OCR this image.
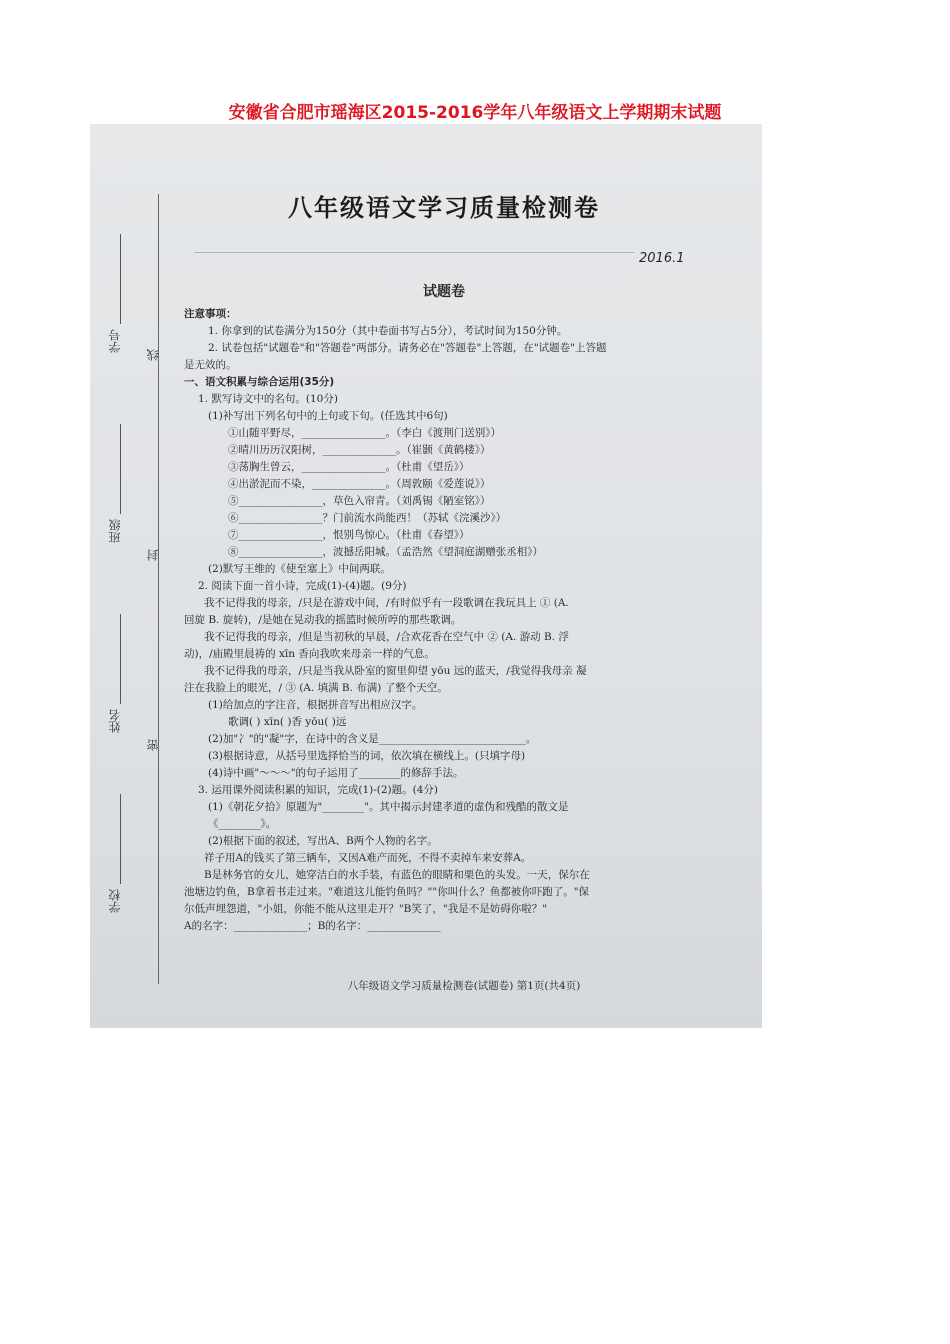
安徽省合肥市瑶海区2015-2016学年八年级语文上学期期末试题
学号
班级
姓名
学校
线
封
密
八年级语文学习质量检测卷
2016.1
试题卷

注意事项：

1. 你拿到的试卷满分为150分（其中卷面书写占5分），考试时间为150分钟。

2. 试卷包括"试题卷"和"答题卷"两部分。请务必在"答题卷"上答题，在"试题卷"上答题

是无效的。

一、语文积累与综合运用(35分)

1. 默写诗文中的名句。(10分)

(1)补写出下列名句中的上句或下句。(任选其中6句)

①山随平野尽，________________。（李白《渡荆门送别》）

②晴川历历汉阳树，______________。（崔颢《黄鹤楼》）

③荡胸生曾云，________________。（杜甫《望岳》）

④出淤泥而不染，______________。（周敦颐《爱莲说》）

⑤________________，草色入帘青。（刘禹锡《陋室铭》）

⑥________________？门前流水尚能西！（苏轼《浣溪沙》）

⑦________________，恨别鸟惊心。（杜甫《春望》）

⑧________________，波撼岳阳城。（孟浩然《望洞庭湖赠张丞相》）

(2)默写王维的《使至塞上》中间两联。

2. 阅读下面一首小诗，完成(1)-(4)题。(9分)

我不记得我的母亲，/只是在游戏中间，/有时似乎有一段歌调在我玩具上 ① (A.

回旋 B. 旋转)，/是她在晃动我的摇篮时候所哼的那些歌调。

我不记得我的母亲，/但是当初秋的早晨，/合欢花香在空气中 ② (A. 游动 B. 浮

动)，/庙殿里晨祷的 xīn 香向我吹来母亲一样的气息。

我不记得我的母亲，/只是当我从卧室的窗里仰望 yōu 远的蓝天，/我觉得我母亲 凝

注在我脸上的眼光，/ ③ (A. 填满 B. 布满) 了整个天空。

(1)给加点的字注音，根据拼音写出相应汉字。

歌调( ) xīn( )香 yōu( )远

(2)加"冫"的"凝"字，在诗中的含义是____________________________。

(3)根据诗意，从括号里选择恰当的词，依次填在横线上。(只填字母)

(4)诗中画"～～～"的句子运用了________的修辞手法。

3. 运用课外阅读积累的知识，完成(1)-(2)题。(4分)

(1)《朝花夕拾》原题为"________"。其中揭示封建孝道的虚伪和残酷的散文是

《________》。

(2)根据下面的叙述，写出A、B两个人物的名字。

祥子用A的钱买了第三辆车，又因A难产而死，不得不卖掉车来安葬A。

B是林务官的女儿，她穿洁白的水手装，有蓝色的眼睛和栗色的头发。一天，保尔在

池塘边钓鱼，B拿着书走过来。"难道这儿能钓鱼吗？""你叫什么？鱼都被你吓跑了。"保

尔低声埋怨道，"小姐，你能不能从这里走开？"B笑了，"我是不是妨碍你啦？"

A的名字：______________；B的名字：______________

八年级语文学习质量检测卷(试题卷) 第1页(共4页)
